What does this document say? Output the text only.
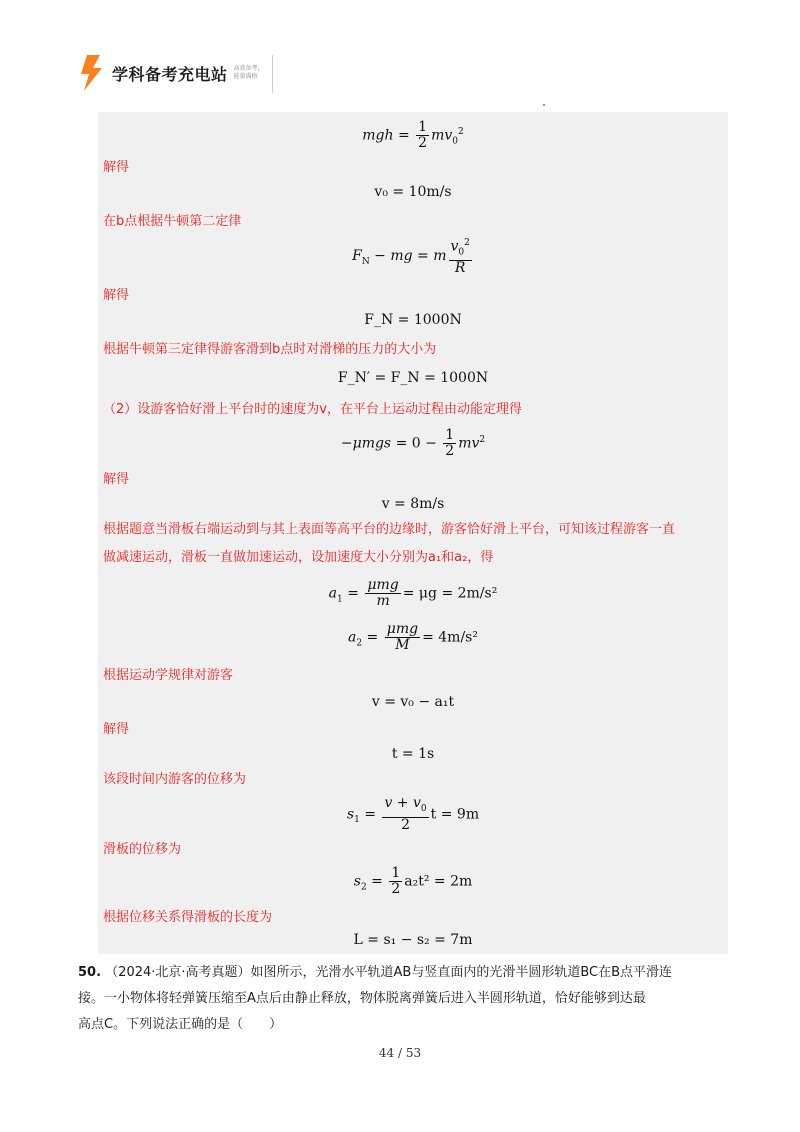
学科备考充电站 高效备考，能量满格
mgh = $\frac{1}{2} mv_0^2$
解得
v₀ = 10m/s
在b点根据牛顿第二定律
$F_N$ − mg = m $\frac{v_0^2}{R}$
解得
F_N = 1000N
根据牛顿第三定律得游客滑到b点时对滑梯的压力的大小为
F_N′ = F_N = 1000N
（2）设游客恰好滑上平台时的速度为v，在平台上运动过程由动能定理得
$-\mu mgs = 0 - \frac{1}{2} mv^2$
解得
v = 8m/s
根据题意当滑板右端运动到与其上表面等高平台的边缘时，游客恰好滑上平台，可知该过程游客一直
做减速运动，滑板一直做加速运动，设加速度大小分别为a₁和a₂，得
$a_1 = \frac{\text{μmg}}{m} = \mu g = 2m/s^2$
$a_2 = \frac{\text{μmg}}{M} = 4m/s^2$
根据运动学规律对游客
v = v₀ − a₁t
解得
t = 1s
该段时间内游客的位移为
$s_1 = \frac{v + v_0}{2}$ t = 9m
滑板的位移为
$s_2 = \frac{1}{2} a_2t^2 = 2m$
根据位移关系得滑板的长度为
L = s₁ − s₂ = 7m
50. （2024·北京·高考真题）如图所示，光滑水平轨道AB与竖直面内的光滑半圆形轨道BC在B点平滑连
接。一小物体将轻弹簧压缩至A点后由静止释放，物体脱离弹簧后进入半圆形轨道，恰好能够到达最
高点C。下列说法正确的是（　　）
44 / 53
